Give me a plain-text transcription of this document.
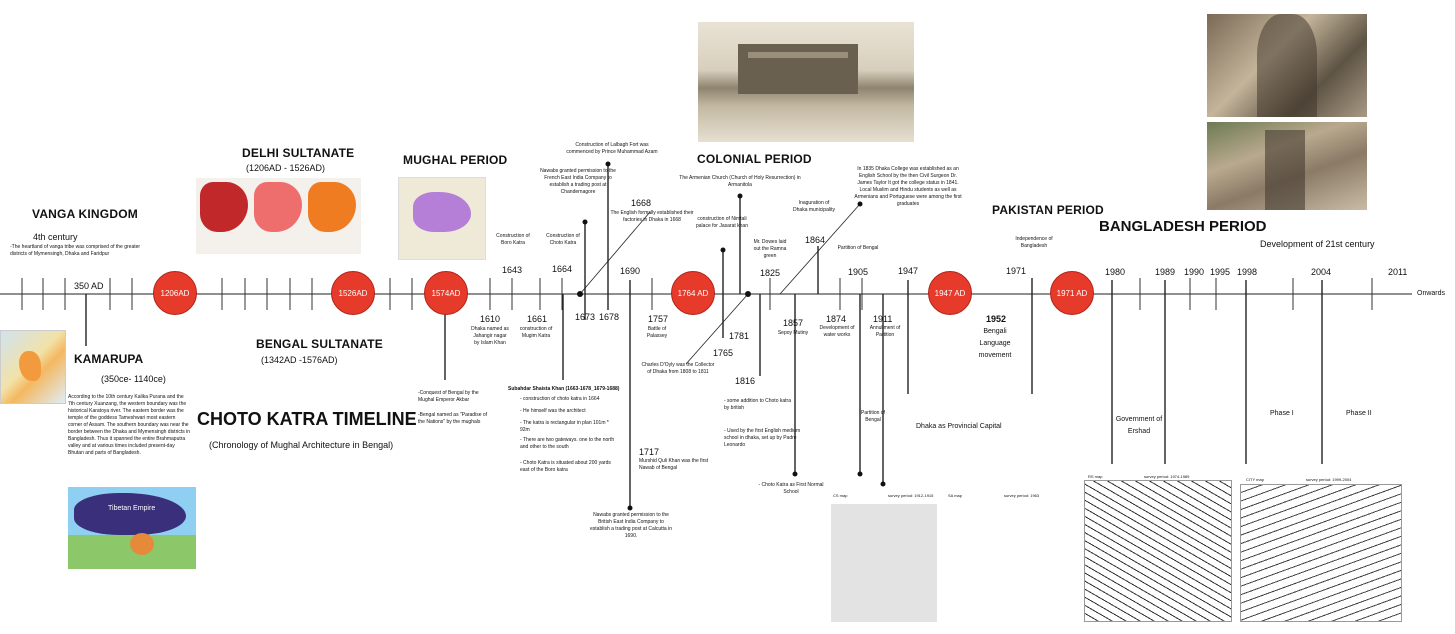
Onwards
1206AD	1526AD	1574AD	1764 AD	1947 AD	1971 AD
VANGA KINGDOM
4th century
-The heartland of vanga tribe was comprised of the greater districts of Mymensingh, Dhaka and Faridpur
350 AD
KAMARUPA
(350ce- 1140ce)
According to the 10th century Kalika Purana and the 7th century Xuanzang, the western boundary was the historical Karatoya river. The eastern border was the temple of the goddess Tameshwari most eastern corner of Assam. The southern boundary was near the border between the Dhaka and Mymensingh districts in Bangladesh. Thus it spanned the entire Brahmaputra valley and at various times included present-day Bhutan and parts of Bangladesh.
Tibetan Empire
DELHI SULTANATE
(1206AD - 1526AD)
BENGAL SULTANATE
(1342AD -1576AD)
CHOTO KATRA TIMELINE
(Chronology of Mughal Architecture in Bengal)
MUGHAL PERIOD
-Conquest of Bengal by the Mughal Emperor Akbar
-Bengal named as "Paradise of the Nations" by the mughals
1610
Dhaka named as Jahangir nagar by Islam Khan
Construction of Boro Katra
1643
1661
construction of Mugim Katra
Construction of Choto Katra
1664
Nawabs granted permission to the French East India Company to establish a trading post at Chandernagore
Construction of Lalbagh Fort was commenced by Prince Muhammad Azam
1673 1678
1668
The English formally established their factories in Dhaka in 1668
1690
1757
Battle of Palassey
Subahdar Shaista Khan (1663-1678_1679-1688)
- construction of choto katra in 1664
- He himself was the architect
- The katra is rectangular in plan 101m * 92m
- There are two gateways. one to the north and other to the south
- Choto Katra is situated about 200 yards east of the Boro katra
1717
Murshid Quli Khan was the first Nawab of Bengal
Nawabs granted permission to the British East India Company to establish a trading post at Calcutta in 1690.
COLONIAL PERIOD
The Armenian Church (Church of Holy Resurrection) in Armanitola
construction of Nimtali palace for Jasarat khan
1781
1765
Charles D'Oyly was the Collector of Dhaka from 1808 to 1811
1816
- some addition to Choto katra by british
- Used by the first English medium school in dhaka, set up by Padre Leonardo
Mr. Dowes laid out the Ramna green
1825
Inaguration of Dhaka municipality
1864
1857
Sepoy Mutiny
- Choto Katra as First Normal School
In 1835 Dhaka College was established as an English School by the then Civil Surgeon Dr. James Taylor It got the college status in 1841. Local Muslim and Hindu students as well as Armenians and Portuguese were among the first graduates
Partition of Bengal
1905
1874
Development of water works
1911
Annullment of Partition
Partition of Bengal
1947
Dhaka as Provincial Capital
PAKISTAN PERIOD
Independence of Bangladesh
1971
1952
Bengali Language movement
BANGLADESH PERIOD
Development of 21st century
1980	1989 1990 1995 1998	2004	2011
Government of Ershad
Phase I	Phase II
CS map	survey period: 1912-1915	SA map	survey period: 1963
RS map	survey period: 1974-1989
CITY map	survey period: 1999-2004
